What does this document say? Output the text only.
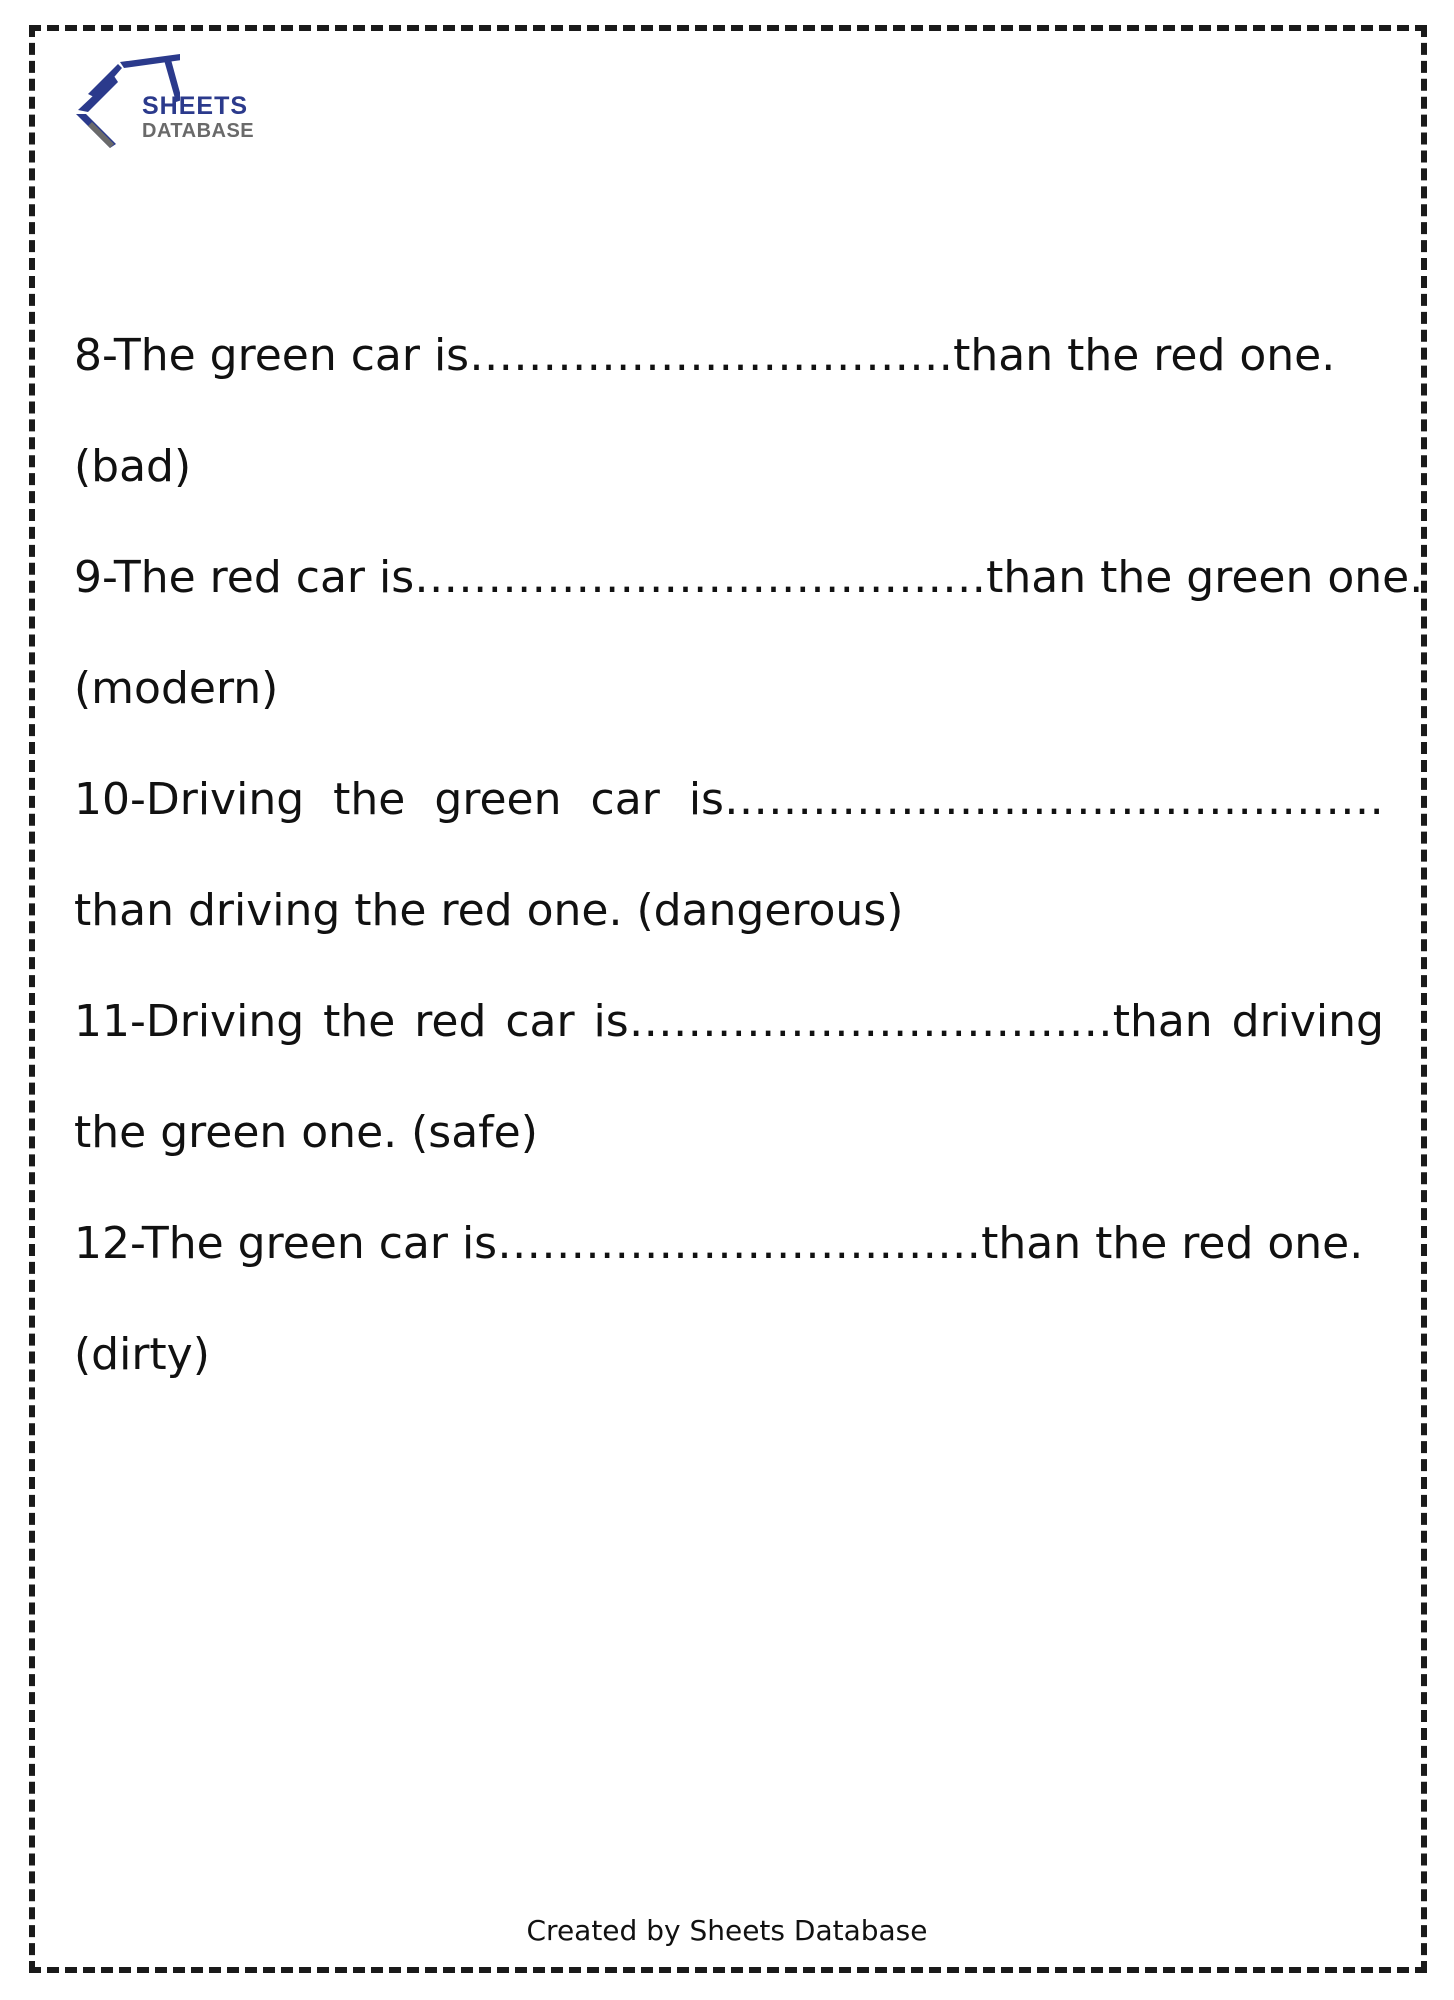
SHEETS
DATABASE
8-The green car is……………………………than the red one.
(bad)
9-The red car is…………………………………than the green one.
(modern)
10-Driving the green car is………………………………………
than driving the red one. (dangerous)
11-Driving the red car is……………………………than driving
the green one. (safe)
12-The green car is……………………………than the red one.
(dirty)
Created by Sheets Database
